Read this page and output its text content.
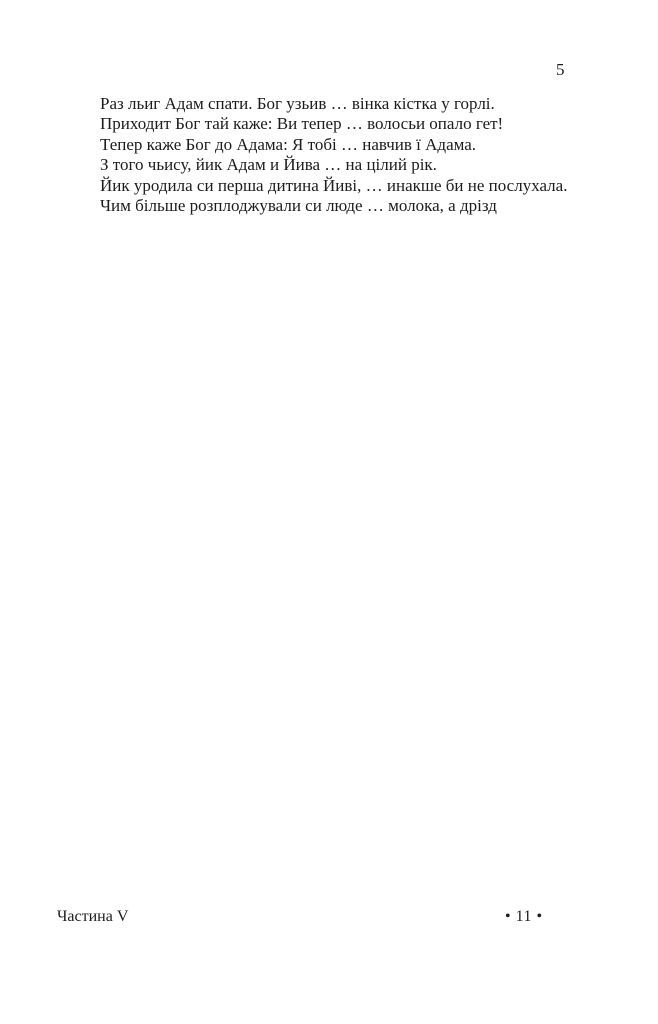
5

Раз льиг Адам спати. Бог узьив … вінка кістка у горлі.

Приходит Бог тай каже: Ви тепер … волосьи опало гет!

Тепер каже Бог до Адама: Я тобі … навчив ї Адама.

З того чьису, йик Адам и Йива … на цілий рік.

Йик уродила си перша дитина Йиві, … инакше би не послухала.

Чим більше розплоджували си люде … молока, а дрізд

Частина V	• 11 •
